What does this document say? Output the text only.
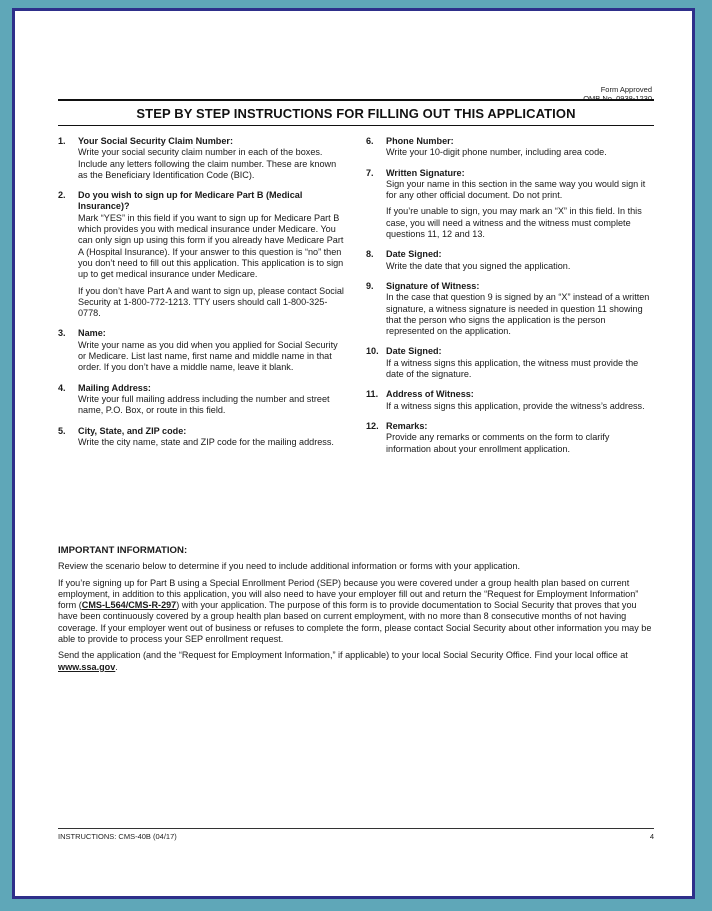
Form Approved
OMB No. 0938-1230
STEP BY STEP INSTRUCTIONS FOR FILLING OUT THIS APPLICATION
1.	Your Social Security Claim Number:

Write your social security claim number in each of the boxes. Include any letters following the claim number. These are known as the Beneficiary Identification Code (BIC).

2.	Do you wish to sign up for Medicare Part B (Medical Insurance)?

Mark “YES” in this field if you want to sign up for Medicare Part B which provides you with medical insurance under Medicare. You can only sign up using this form if you already have Medicare Part A (Hospital Insurance). If your answer to this question is “no” then you don’t need to fill out this application. This application is to sign up to get medical insurance under Medicare.

If you don’t have Part A and want to sign up, please contact Social Security at 1-800-772-1213. TTY users should call 1-800-325-0778.

3.	Name:

Write your name as you did when you applied for Social Security or Medicare. List last name, first name and middle name in that order. If you don’t have a middle name, leave it blank.

4.	Mailing Address:

Write your full mailing address including the number and street name, P.O. Box, or route in this field.

5.	City, State, and ZIP code:

Write the city name, state and ZIP code for the mailing address.

6.	Phone Number:

Write your 10-digit phone number, including area code.

7.	Written Signature:

Sign your name in this section in the same way you would sign it for any other official document. Do not print.

If you’re unable to sign, you may mark an “X” in this field. In this case, you will need a witness and the witness must complete questions 11, 12 and 13.

8.	Date Signed:

Write the date that you signed the application.

9.	Signature of Witness:

In the case that question 9 is signed by an “X” instead of a written signature, a witness signature is needed in question 11 showing that the person who signs the application is the person represented on the application.

10. Date Signed:

If a witness signs this application, the witness must provide the date of the signature.

11. Address of Witness:

If a witness signs this application, provide the witness’s address.

12. Remarks:

Provide any remarks or comments on the form to clarify information about your enrollment application.

IMPORTANT INFORMATION:

Review the scenario below to determine if you need to include additional information or forms with your application.

If you’re signing up for Part B using a Special Enrollment Period (SEP) because you were covered under a group health plan based on current employment, in addition to this application, you will also need to have your employer fill out and return the “Request for Employment Information” form (CMS-L564/CMS-R-297) with your application. The purpose of this form is to provide documentation to Social Security that proves that you have been continuously covered by a group health plan based on current employment, with no more than 8 consecutive months of not having coverage. If your employer went out of business or refuses to complete the form, please contact Social Security about other information you may be able to provide to process your SEP enrollment request.

Send the application (and the “Request for Employment Information,” if applicable) to your local Social Security Office. Find your local office at www.ssa.gov.

INSTRUCTIONS: CMS-40B (04/17)	4
